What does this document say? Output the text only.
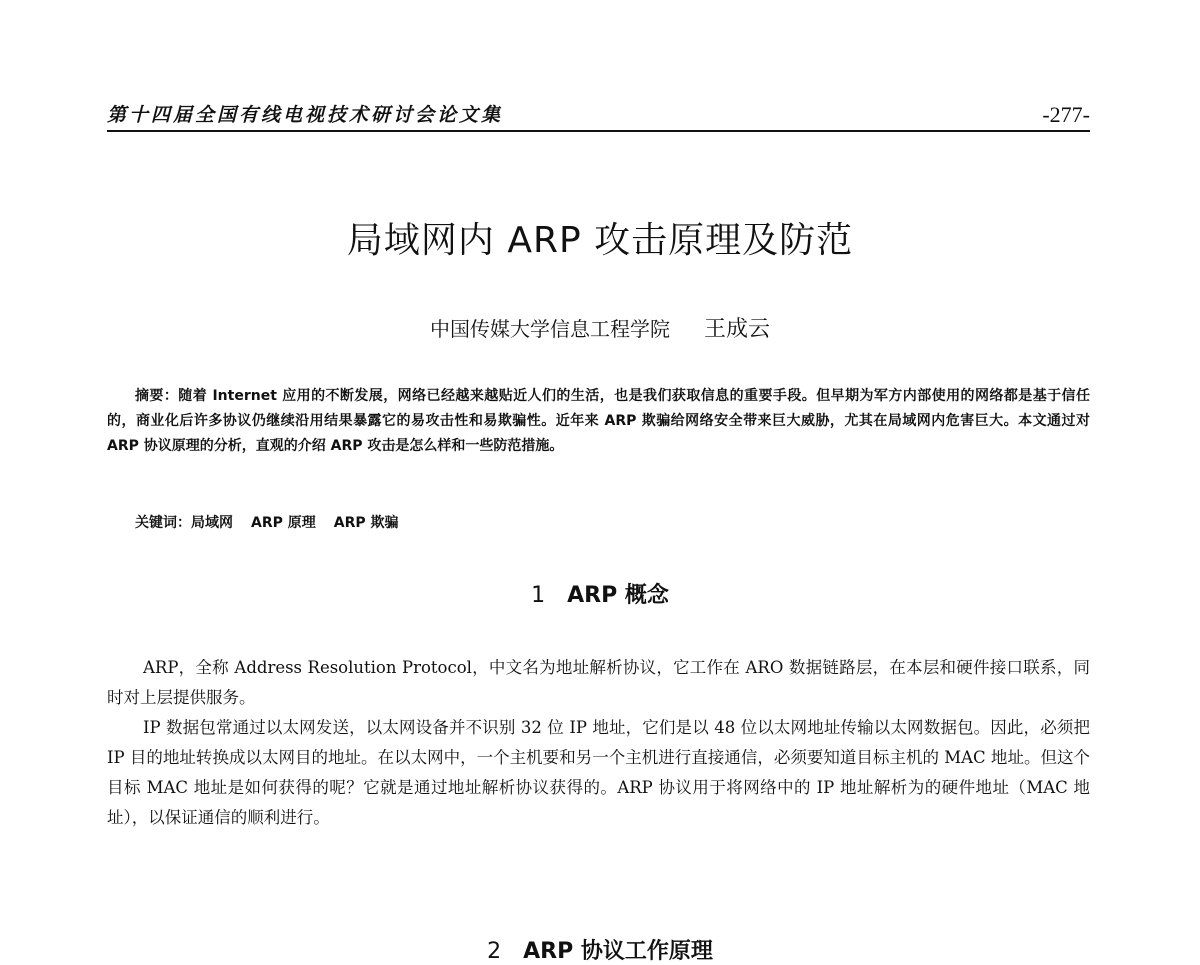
第十四届全国有线电视技术研讨会论文集	-277-
局域网内 ARP 攻击原理及防范
中国传媒大学信息工程学院 王成云

摘要：随着 Internet 应用的不断发展，网络已经越来越贴近人们的生活，也是我们获取信息的重要手段。但早期为军方内部使用的网络都是基于信任的，商业化后许多协议仍继续沿用结果暴露它的易攻击性和易欺骗性。近年来 ARP 欺骗给网络安全带来巨大威胁，尤其在局域网内危害巨大。本文通过对 ARP 协议原理的分析，直观的介绍 ARP 攻击是怎么样和一些防范措施。

关键词：局域网 ARP 原理 ARP 欺骗
1 ARP 概念

ARP，全称 Address Resolution Protocol，中文名为地址解析协议，它工作在 ARO 数据链路层，在本层和硬件接口联系，同时对上层提供服务。

IP 数据包常通过以太网发送，以太网设备并不识别 32 位 IP 地址，它们是以 48 位以太网地址传输以太网数据包。因此，必须把 IP 目的地址转换成以太网目的地址。在以太网中，一个主机要和另一个主机进行直接通信，必须要知道目标主机的 MAC 地址。但这个目标 MAC 地址是如何获得的呢？它就是通过地址解析协议获得的。ARP 协议用于将网络中的 IP 地址解析为的硬件地址（MAC 地址），以保证通信的顺利进行。

2 ARP 协议工作原理
